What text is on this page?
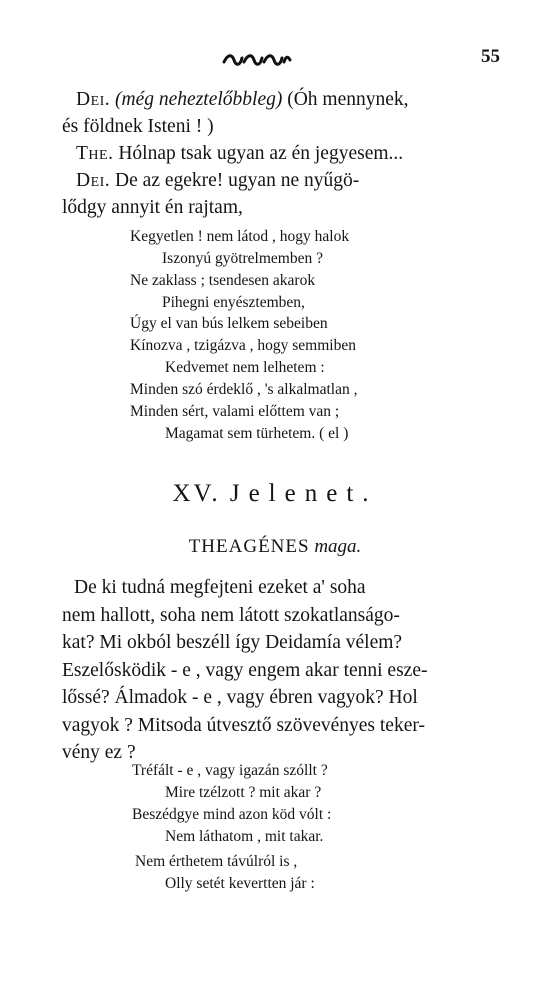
55
Dei. (még neheztelőbbleg) (Óh mennynek,
és földnek Isteni ! )
The. Hólnap tsak ugyan az én jegyesem...
Dei. De az egekre! ugyan ne nyűgö-
lődgy annyit én rajtam,
Kegyetlen ! nem látod , hogy halok
Iszonyú gyötrelmemben ?
Ne zaklass ; tsendesen akarok
Pihegni enyésztemben,
Úgy el van bús lelkem sebeiben
Kínozva , tzigázva , hogy semmiben
Kedvemet nem lelhetem :
Minden szó érdeklő , 's alkalmatlan ,
Minden sért, valami előttem van ;
Magamat sem türhetem. ( el )
XV. Jelenet.
THEAGÉNES maga.
De ki tudná megfejteni ezeket a' soha
nem hallott, soha nem látott szokatlanságo-
kat? Mi okból beszéll így Deidamía vélem?
Eszelősködik - e , vagy engem akar tenni esze-
lőssé? Álmadok - e , vagy ébren vagyok? Hol
vagyok ? Mitsoda útvesztő szövevényes teker-
vény ez ?
Tréfált - e , vagy igazán szóllt ?
Mire tzélzott ? mit akar ?
Beszédgye mind azon köd vólt :
Nem láthatom , mit takar.
Nem érthetem távúlról is ,
Olly setét kevertten jár :
